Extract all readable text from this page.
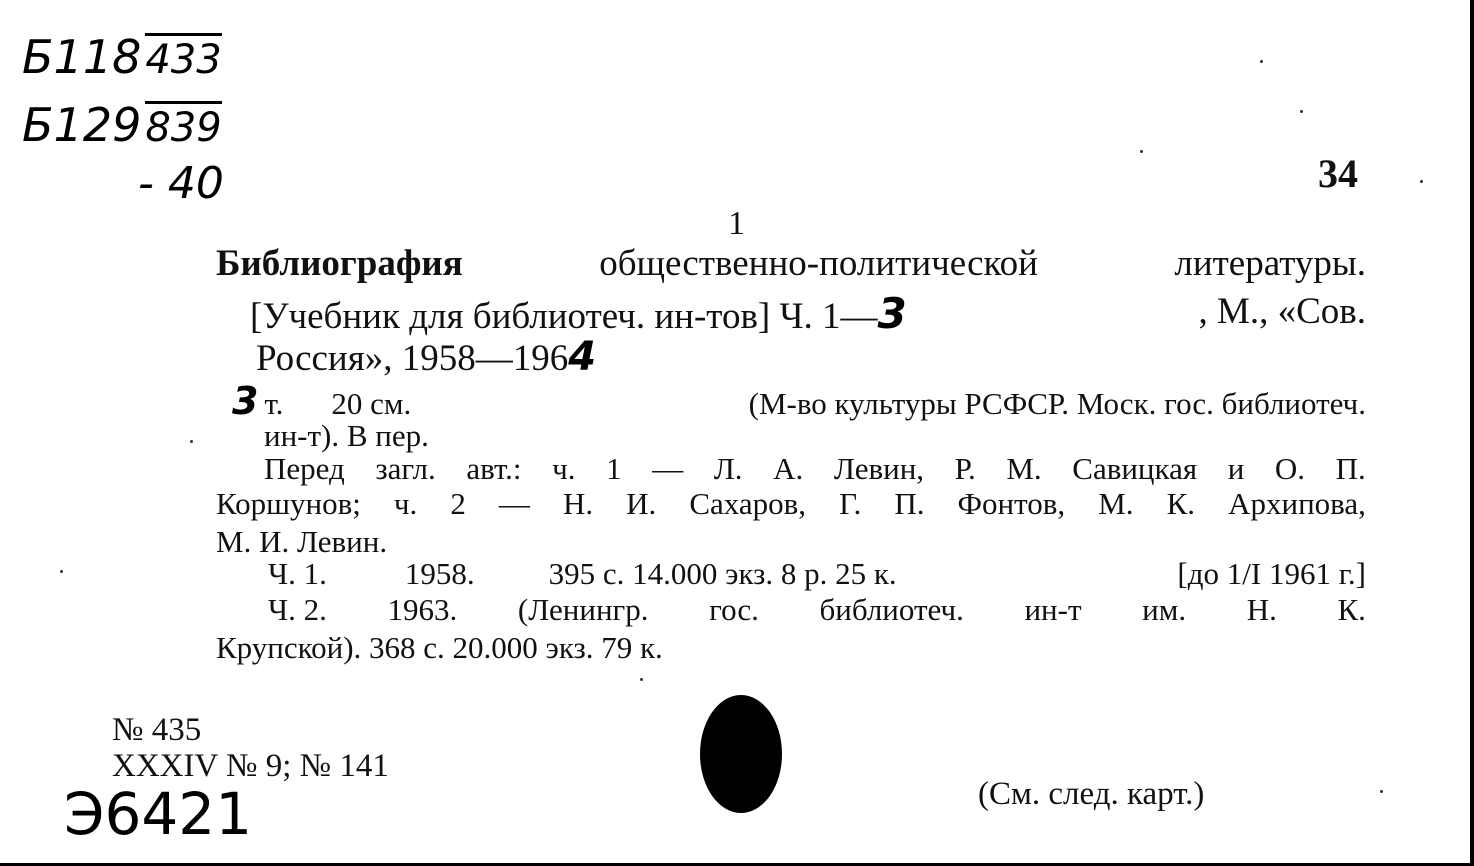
Б118 433
Б129 839
- 40	34
1
Библиография	общественно-политической	литературы.
[Учебник для библиотеч. ин-тов] Ч. 1—3	, М., «Сов.
Россия», 1958—1964
3 т. 20 см.	(М-во культуры РСФСР. Моск. гос. библиотеч.
ин-т). В пер.
Перед загл. авт.: ч. 1 — Л. А. Левин, Р. М. Савицкая и О. П.
Коршунов; ч. 2 — Н. И. Сахаров, Г. П. Фонтов, М. К. Архипова,
М. И. Левин.
Ч. 1.	1958. 395 с. 14.000 экз. 8 р. 25 к.	[до 1/I 1961 г.]
Ч. 2. 1963. (Ленингр. гос. библиотеч. ин-т им. Н. К.
Крупской). 368 с. 20.000 экз. 79 к.
№ 435
XXXIV № 9; № 141
Э6421	(См. след. карт.)
